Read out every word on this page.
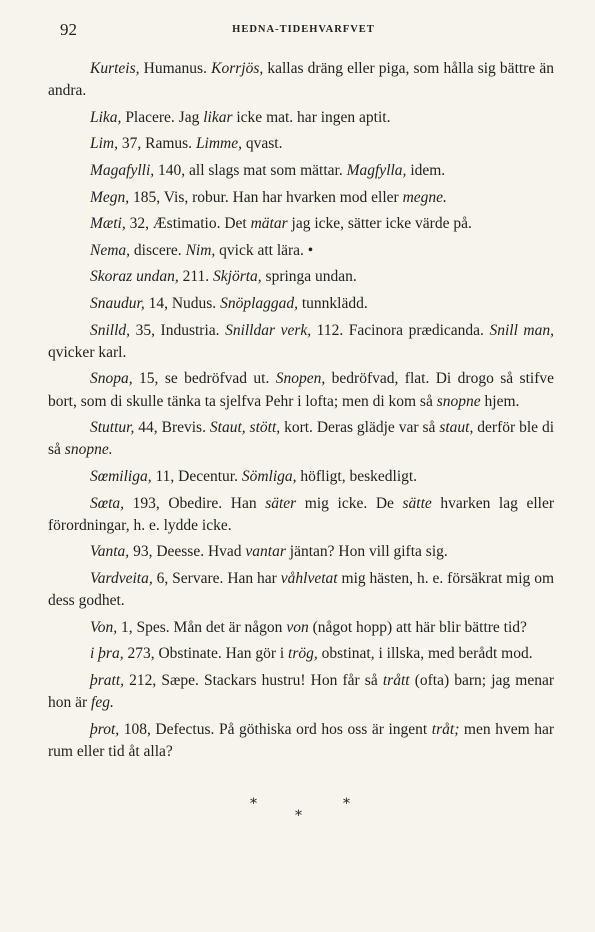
92	HEDNA-TIDEHVARFVET

Kurteis, Humanus. Korrjös, kallas dräng eller piga, som hålla sig bättre än andra.

Lika, Placere. Jag likar icke mat. har ingen aptit.

Lim, 37, Ramus. Limme, qvast.

Magafylli, 140, all slags mat som mättar. Magfylla, idem.

Megn, 185, Vis, robur. Han har hvarken mod eller megne.

Mæti, 32, Æstimatio. Det mätar jag icke, sätter icke värde på.

Nema, discere. Nim, qvick att lära. •

Skoraz undan, 211. Skjörta, springa undan.

Snaudur, 14, Nudus. Snöplaggad, tunnklädd.

Snilld, 35, Industria. Snilldar verk, 112. Facinora prædicanda. Snill man, qvicker karl.

Snopa, 15, se bedröfvad ut. Snopen, bedröfvad, flat. Di drogo så stifve bort, som di skulle tänka ta sjelfva Pehr i lofta; men di kom så snopne hjem.

Stuttur, 44, Brevis. Staut, stött, kort. Deras glädje var så staut, derför ble di så snopne.

Sœmiliga, 11, Decentur. Sömliga, höfligt, beskedligt.

Sœta, 193, Obedire. Han säter mig icke. De sätte hvarken lag eller förordningar, h. e. lydde icke.

Vanta, 93, Deesse. Hvad vantar jäntan? Hon vill gifta sig.

Vardveita, 6, Servare. Han har våhlvetat mig hästen, h. e. försäkrat mig om dess godhet.

Von, 1, Spes. Mån det är någon von (något hopp) att här blir bättre tid?

i þra, 273, Obstinate. Han gör i trög, obstinat, i illska, med berådt mod.

þratt, 212, Sæpe. Stackars hustru! Hon får så trått (ofta) barn; jag menar hon är feg.

þrot, 108, Defectus. På göthiska ord hos oss är ingent tråt; men hvem har rum eller tid åt alla?

*	*
*
